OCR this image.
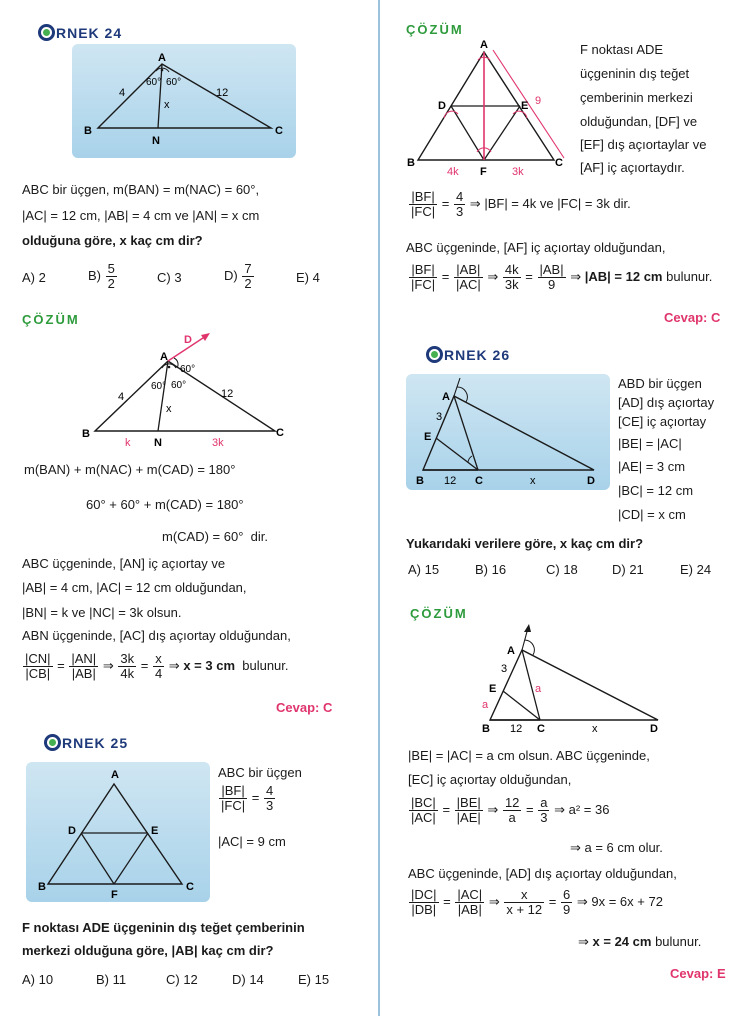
RNEK 24
A
B	C
N
4	12
x
60° 60°
ABC bir üçgen, m(BAN) = m(NAC) = 60°,
|AC| = 12 cm, |AB| = 4 cm ve |AN| = x cm
olduğuna göre, x kaç cm dir?
A) 2	$B) \frac{5}{2}$	C) 3	$D) \frac{7}{2}$	E) 4
ÇÖZÜM
A
D
B	C
N
4	12
x
k	3k
60° 60°
60°
m(BAN) + m(NAC) + m(CAD) = 180°
60° + 60° + m(CAD) = 180°
m(CAD) = 60° dir.
ABC üçgeninde, [AN] iç açıortay ve
|AB| = 4 cm, |AC| = 12 cm olduğundan,
|BN| = k ve |NC| = 3k olsun.
ABN üçgeninde, [AC] dış açıortay olduğundan,
$\frac{|CN|}{|CB|} = \frac{|AN|}{|AB|}$ ⇒ $\frac{3k}{4k} = \frac{x}{4}$ ⇒ x = 3 cm bulunur.
Cevap: C
RNEK 25
A
B	C
D	E
F
ABC bir üçgen
$\frac{|BF|}{|FC|} = \frac{4}{3}$
|AC| = 9 cm
F noktası ADE üçgeninin dış teğet çemberinin
merkezi olduğuna göre, |AB| kaç cm dir?
A) 10	B) 11	C) 12	D) 14	E) 15
ÇÖZÜM
A
B	C
D	E
F
9
4k	3k
F noktası ADE
üçgeninin dış teğet
çemberinin merkezi
olduğundan, [DF] ve
[EF] dış açıortaylar ve
[AF] iç açıortaydır.
$\frac{|BF|}{|FC|} = \frac{4}{3}$ ⇒ |BF| = 4k ve |FC| = 3k dir.
ABC üçgeninde, [AF] iç açıortay olduğundan,
$\frac{|BF|}{|FC|} = \frac{|AB|}{|AC|}$ ⇒ $\frac{4k}{3k} = \frac{|AB|}{9}$ ⇒ |AB| = 12 cm bulunur.
Cevap: C
RNEK 26
A
B	C	D
E
3
12	x
ABD bir üçgen
[AD] dış açıortay
[CE] iç açıortay
|BE| = |AC|
|AE| = 3 cm
|BC| = 12 cm
|CD| = x cm
Yukarıdaki verilere göre, x kaç cm dir?
A) 15	B) 16	C) 18	D) 21	E) 24
ÇÖZÜM
A
B	C	D
E
3
a
a
12	x
|BE| = |AC| = a cm olsun. ABC üçgeninde,
[EC] iç açıortay olduğundan,
$\frac{|BC|}{|AC|} = \frac{|BE|}{|AE|}$ ⇒ $\frac{12}{a} = \frac{a}{3}$ ⇒ a² = 36
⇒ a = 6 cm olur.
ABC üçgeninde, [AD] dış açıortay olduğundan,
$\frac{|DC|}{|DB|} = \frac{|AC|}{|AB|}$ ⇒ $\frac{x}{x + 12} = \frac{6}{9}$ ⇒ 9x = 6x + 72
⇒ x = 24 cm bulunur.
Cevap: E
